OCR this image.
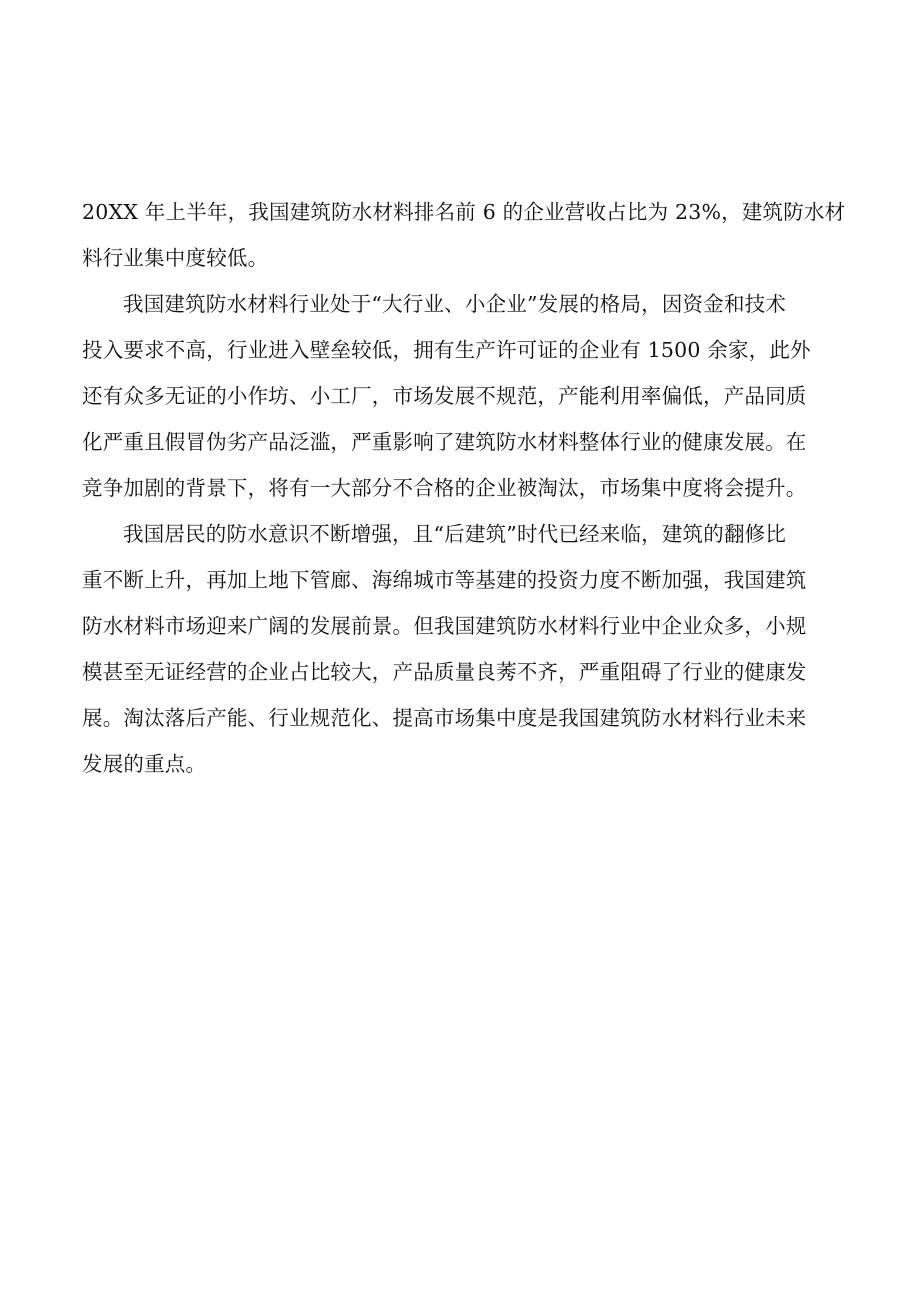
20XX 年上半年，我国建筑防水材料排名前 6 的企业营收占比为 23%，建筑防水材
料行业集中度较低。

我国建筑防水材料行业处于“大行业、小企业”发展的格局，因资金和技术
投入要求不高，行业进入壁垒较低，拥有生产许可证的企业有 1500 余家，此外
还有众多无证的小作坊、小工厂，市场发展不规范，产能利用率偏低，产品同质
化严重且假冒伪劣产品泛滥，严重影响了建筑防水材料整体行业的健康发展。在
竞争加剧的背景下，将有一大部分不合格的企业被淘汰，市场集中度将会提升。

我国居民的防水意识不断增强，且“后建筑”时代已经来临，建筑的翻修比
重不断上升，再加上地下管廊、海绵城市等基建的投资力度不断加强，我国建筑
防水材料市场迎来广阔的发展前景。但我国建筑防水材料行业中企业众多，小规
模甚至无证经营的企业占比较大，产品质量良莠不齐，严重阻碍了行业的健康发
展。淘汰落后产能、行业规范化、提高市场集中度是我国建筑防水材料行业未来
发展的重点。
